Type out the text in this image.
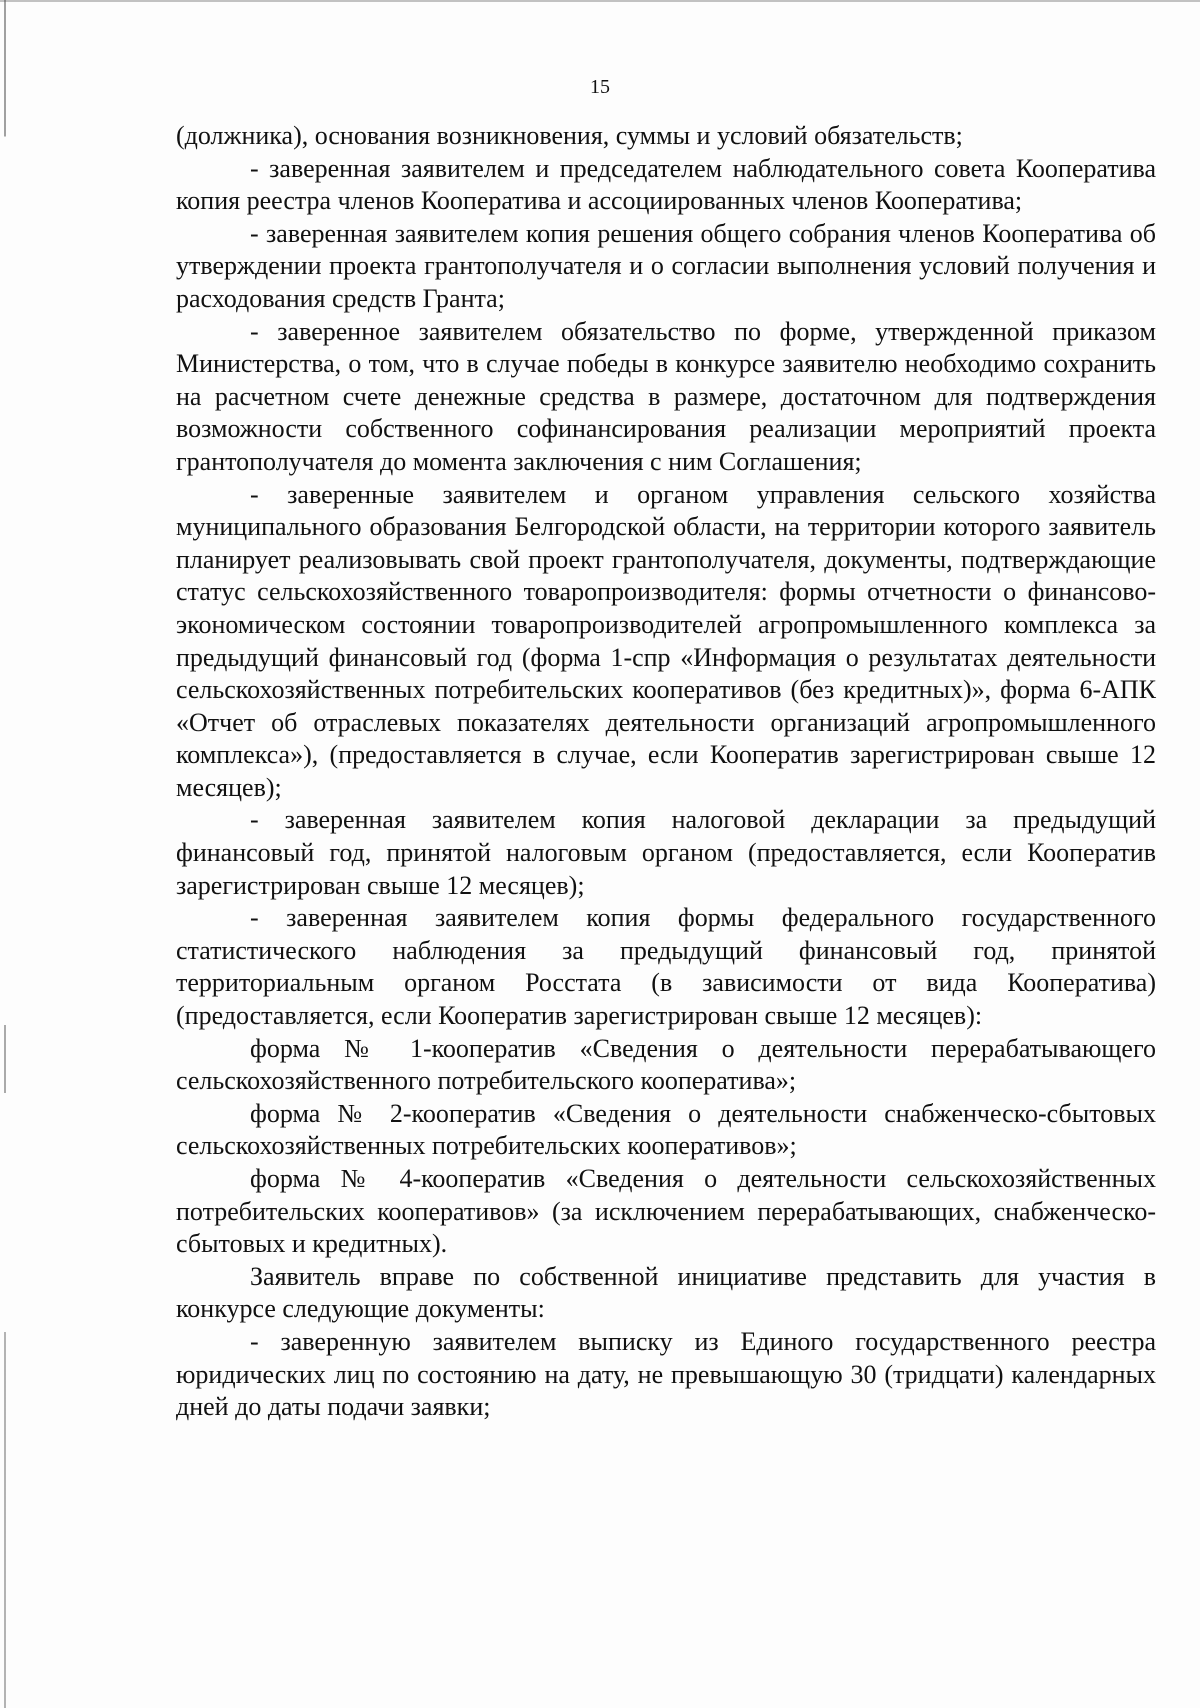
15

(должника), основания возникновения, суммы и условий обязательств;

- заверенная заявителем и председателем наблюдательного совета Кооператива копия реестра членов Кооператива и ассоциированных членов Кооператива;

- заверенная заявителем копия решения общего собрания членов Кооператива об утверждении проекта грантополучателя и о согласии выполнения условий получения и расходования средств Гранта;

- заверенное заявителем обязательство по форме, утвержденной приказом Министерства, о том, что в случае победы в конкурсе заявителю необходимо сохранить на расчетном счете денежные средства в размере, достаточном для подтверждения возможности собственного софинансирования реализации мероприятий проекта грантополучателя до момента заключения с ним Соглашения;

- заверенные заявителем и органом управления сельского хозяйства муниципального образования Белгородской области, на территории которого заявитель планирует реализовывать свой проект грантополучателя, документы, подтверждающие статус сельскохозяйственного товаропроизводителя: формы отчетности о финансово-экономическом состоянии товаропроизводителей агропромышленного комплекса за предыдущий финансовый год (форма 1-спр «Информация о результатах деятельности сельскохозяйственных потребительских кооперативов (без кредитных)», форма 6-АПК «Отчет об отраслевых показателях деятельности организаций агропромышленного комплекса»), (предоставляется в случае, если Кооператив зарегистрирован свыше 12 месяцев);

- заверенная заявителем копия налоговой декларации за предыдущий финансовый год, принятой налоговым органом (предоставляется, если Кооператив зарегистрирован свыше 12 месяцев);

- заверенная заявителем копия формы федерального государственного статистического наблюдения за предыдущий финансовый год, принятой территориальным органом Росстата (в зависимости от вида Кооператива) (предоставляется, если Кооператив зарегистрирован свыше 12 месяцев):

форма № 1-кооператив «Сведения о деятельности перерабатывающего сельскохозяйственного потребительского кооператива»;

форма № 2-кооператив «Сведения о деятельности снабженческо-сбытовых сельскохозяйственных потребительских кооперативов»;

форма № 4-кооператив «Сведения о деятельности сельскохозяйственных потребительских кооперативов» (за исключением перерабатывающих, снабженческо-сбытовых и кредитных).

Заявитель вправе по собственной инициативе представить для участия в конкурсе следующие документы:

- заверенную заявителем выписку из Единого государственного реестра юридических лиц по состоянию на дату, не превышающую 30 (тридцати) календарных дней до даты подачи заявки;
